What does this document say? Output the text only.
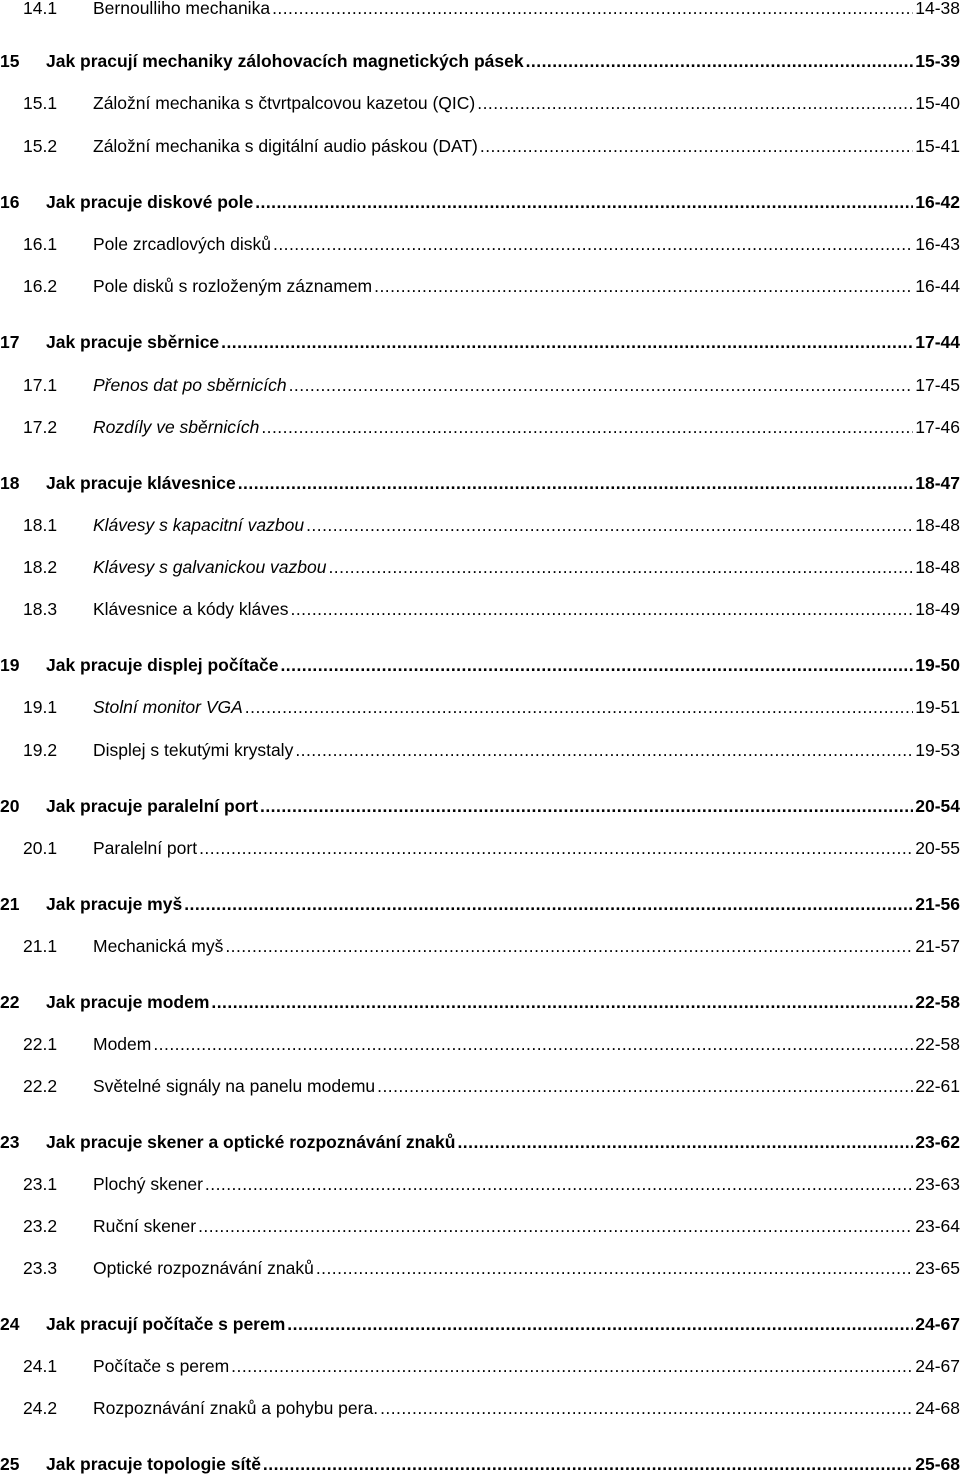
14.1	Bernoulliho mechanika . . .	14-38
15	Jak pracují mechaniky zálohovacích magnetických pásek . . .	15-39
15.1	Záložní mechanika s čtvrtpalcovou kazetou (QIC) . . .	15-40
15.2	Záložní mechanika s digitální audio páskou (DAT) . . .	15-41
16	Jak pracuje diskové pole . . .	16-42
16.1	Pole zrcadlových disků . . .	16-43
16.2	Pole disků s rozloženým záznamem . . .	16-44
17	Jak pracuje sběrnice . . .	17-44
17.1	Přenos dat po sběrnicích . . .	17-45
17.2	Rozdíly ve sběrnicích . . .	17-46
18	Jak pracuje klávesnice . . .	18-47
18.1	Klávesy s kapacitní vazbou . . .	18-48
18.2	Klávesy s galvanickou vazbou . . .	18-48
18.3	Klávesnice a kódy kláves . . .	18-49
19	Jak pracuje displej počítače . . .	19-50
19.1	Stolní monitor VGA . . .	19-51
19.2	Displej s tekutými krystaly . . .	19-53
20	Jak pracuje paralelní port . . .	20-54
20.1	Paralelní port . . .	20-55
21	Jak pracuje myš . . .	21-56
21.1	Mechanická myš . . .	21-57
22	Jak pracuje modem . . .	22-58
22.1	Modem . . .	22-58
22.2	Světelné signály na panelu modemu . . .	22-61
23	Jak pracuje skener a optické rozpoznávání znaků . . .	23-62
23.1	Plochý skener . . .	23-63
23.2	Ruční skener . . .	23-64
23.3	Optické rozpoznávání znaků . . .	23-65
24	Jak pracují počítače s perem . . .	24-67
24.1	Počítače s perem . . .	24-67
24.2	Rozpoznávání znaků a pohybu pera. . . .	24-68
25	Jak pracuje topologie sítě . . .	25-68
